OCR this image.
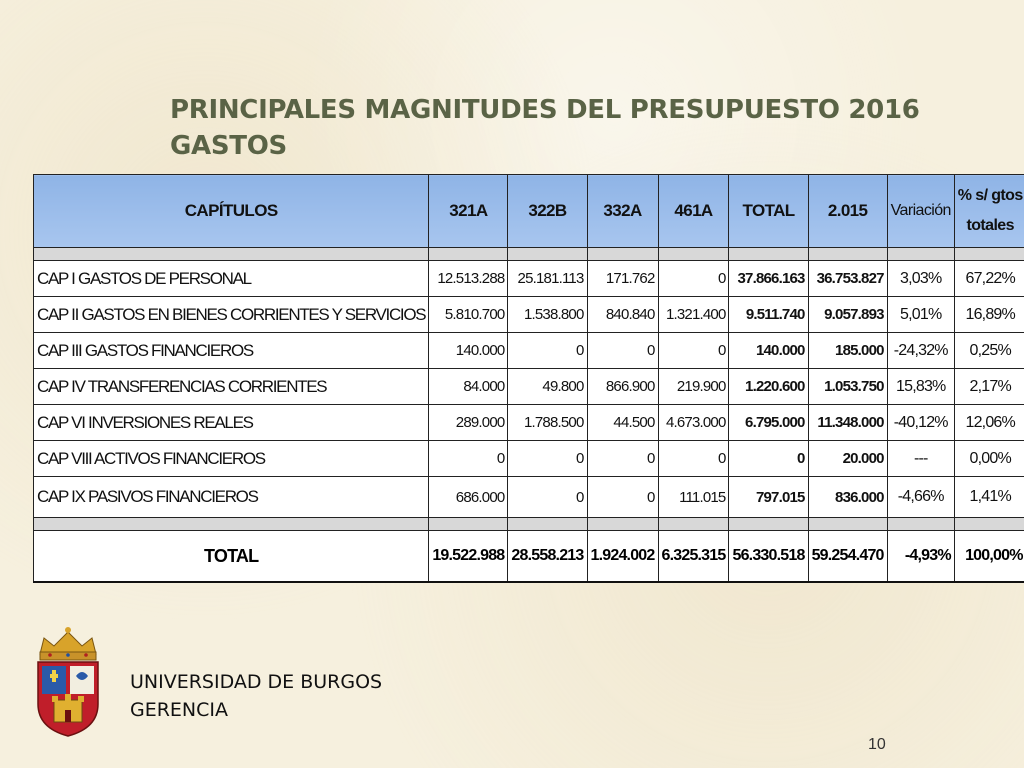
PRINCIPALES MAGNITUDES DEL PRESUPUESTO 2016
GASTOS
CAPÍTULOS	321A	322B	332A	461A	TOTAL	2.015	Variación	% s/ gtos
totales

CAP I GASTOS DE PERSONAL	12.513.288	25.181.113	171.762	0	37.866.163	36.753.827	3,03%	67,22%
CAP II GASTOS EN BIENES CORRIENTES Y SERVICIOS	5.810.700	1.538.800	840.840	1.321.400	9.511.740	9.057.893	5,01%	16,89%
CAP III GASTOS FINANCIEROS	140.000	0	0	0	140.000	185.000	-24,32%	0,25%
CAP IV TRANSFERENCIAS CORRIENTES	84.000	49.800	866.900	219.900	1.220.600	1.053.750	15,83%	2,17%
CAP VI INVERSIONES REALES	289.000	1.788.500	44.500	4.673.000	6.795.000	11.348.000	-40,12%	12,06%
CAP VIII ACTIVOS FINANCIEROS	0	0	0	0	0	20.000	---	0,00%
CAP IX PASIVOS FINANCIEROS	686.000	0	0	111.015	797.015	836.000	-4,66%	1,41%

TOTAL	19.522.988	28.558.213	1.924.002	6.325.315	56.330.518	59.254.470	-4,93%	100,00%
UNIVERSIDAD DE BURGOS
GERENCIA
10
